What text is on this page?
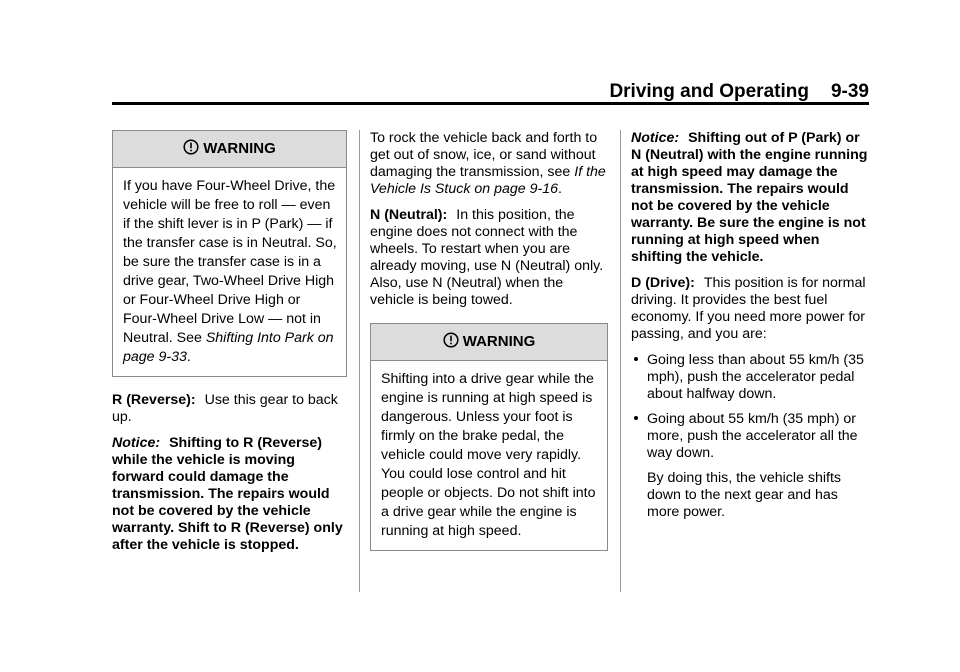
Driving and Operating 9-39
WARNING
If you have Four-Wheel Drive, the vehicle will be free to roll — even if the shift lever is in P (Park) — if the transfer case is in Neutral. So, be sure the transfer case is in a drive gear, Two-Wheel Drive High or Four-Wheel Drive High or Four-Wheel Drive Low — not in Neutral. See Shifting Into Park on page 9-33.

R (Reverse): Use this gear to back up.

Notice: Shifting to R (Reverse) while the vehicle is moving forward could damage the transmission. The repairs would not be covered by the vehicle warranty. Shift to R (Reverse) only after the vehicle is stopped.

To rock the vehicle back and forth to get out of snow, ice, or sand without damaging the transmission, see If the Vehicle Is Stuck on page 9-16.

N (Neutral): In this position, the engine does not connect with the wheels. To restart when you are already moving, use N (Neutral) only. Also, use N (Neutral) when the vehicle is being towed.

WARNING
Shifting into a drive gear while the engine is running at high speed is dangerous. Unless your foot is firmly on the brake pedal, the vehicle could move very rapidly. You could lose control and hit people or objects. Do not shift into a drive gear while the engine is running at high speed.

Notice: Shifting out of P (Park) or N (Neutral) with the engine running at high speed may damage the transmission. The repairs would not be covered by the vehicle warranty. Be sure the engine is not running at high speed when shifting the vehicle.

D (Drive): This position is for normal driving. It provides the best fuel economy. If you need more power for passing, and you are:

Going less than about 55 km/h (35 mph), push the accelerator pedal about halfway down.
Going about 55 km/h (35 mph) or more, push the accelerator all the way down.

By doing this, the vehicle shifts down to the next gear and has more power.
